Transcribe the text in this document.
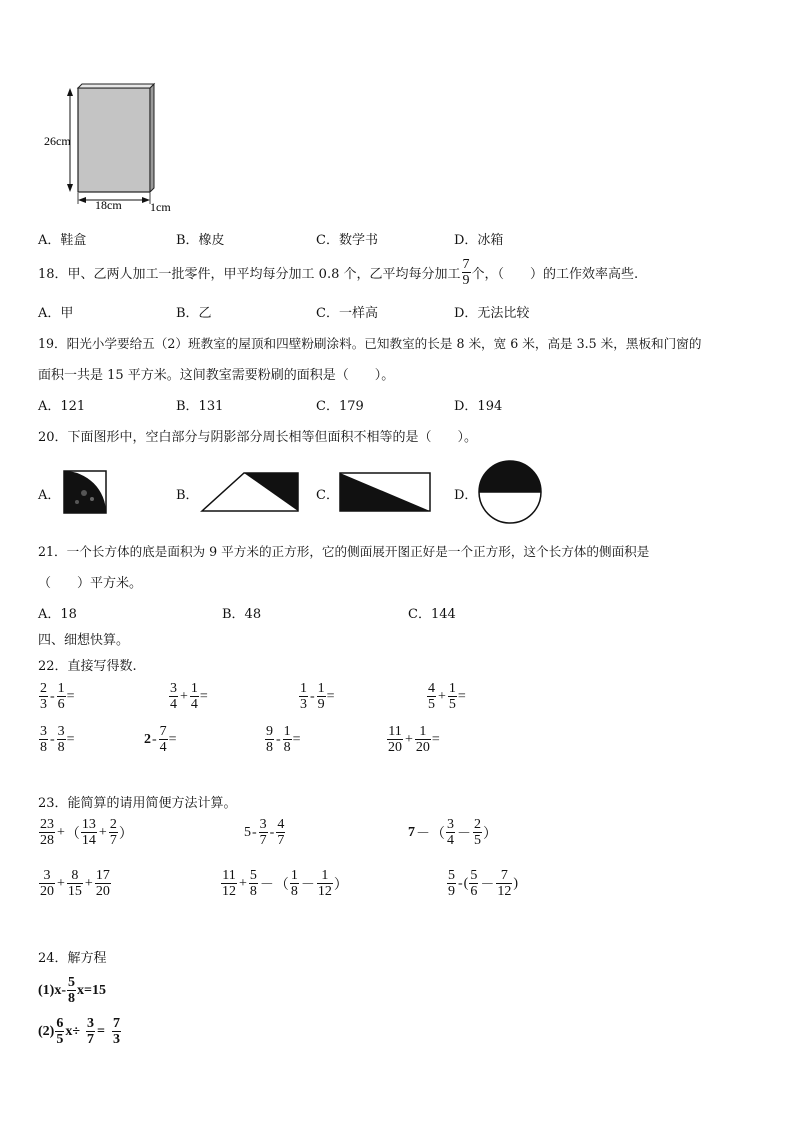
26cm
18cm 1cm
A．鞋盒	B．橡皮	C．数学书	D．冰箱
18． 甲、乙两人加工一批零件，甲平均每分加工 0.8 个，乙平均每分加工 $\frac{7}{9}$ 个，（　　）的工作效率高些.
A．甲	B．乙	C．一样高	D．无法比较
19．阳光小学要给五（2）班教室的屋顶和四壁粉刷涂料。已知教室的长是 8 米，宽 6 米，高是 3.5 米，黑板和门窗的
面积一共是 15 平方米。这间教室需要粉刷的面积是（　　）。
A．121	B．131	C．179	D．194
20．下面图形中，空白部分与阴影部分周长相等但面积不相等的是（　　）。
A．	B．	C．	D．
21．一个长方体的底是面积为 9 平方米的正方形，它的侧面展开图正好是一个正方形，这个长方体的侧面积是
（　　）平方米。
A．18	B．48	C．144
四、细想快算。
22．直接写得数.
$\frac{2}{3} - \frac{1}{6}$ =	$\frac{3}{4} + \frac{1}{4}$ =	$\frac{1}{3} - \frac{1}{9}$ =	$\frac{4}{5} + \frac{1}{5}$ =
$\frac{3}{8} - \frac{3}{8}$ =	$2 - \frac{7}{4}$ =	$\frac{9}{8} - \frac{1}{8}$ =	$\frac{11}{20} + \frac{1}{20}$ =
23．能简算的请用简便方法计算。
$\frac{23}{28}$ + （ $\frac{13}{14} + \frac{2}{7}$ ）	$5 - \frac{3}{7} - \frac{4}{7}$	7 － （ $\frac{3}{4} - \frac{2}{5}$ ）
$\frac{3}{20} + \frac{8}{15} + \frac{17}{20}$	$\frac{11}{12} + \frac{5}{8}$ － （ $\frac{1}{8} - \frac{1}{12}$ ）	$\frac{5}{9}$ - ( $\frac{5}{6} - \frac{7}{12}$ )
24．解方程
$(1)x- \frac{5}{8} x=15$
$(2) \frac{6}{5} x\div \frac{3}{7} = \frac{7}{3}$
